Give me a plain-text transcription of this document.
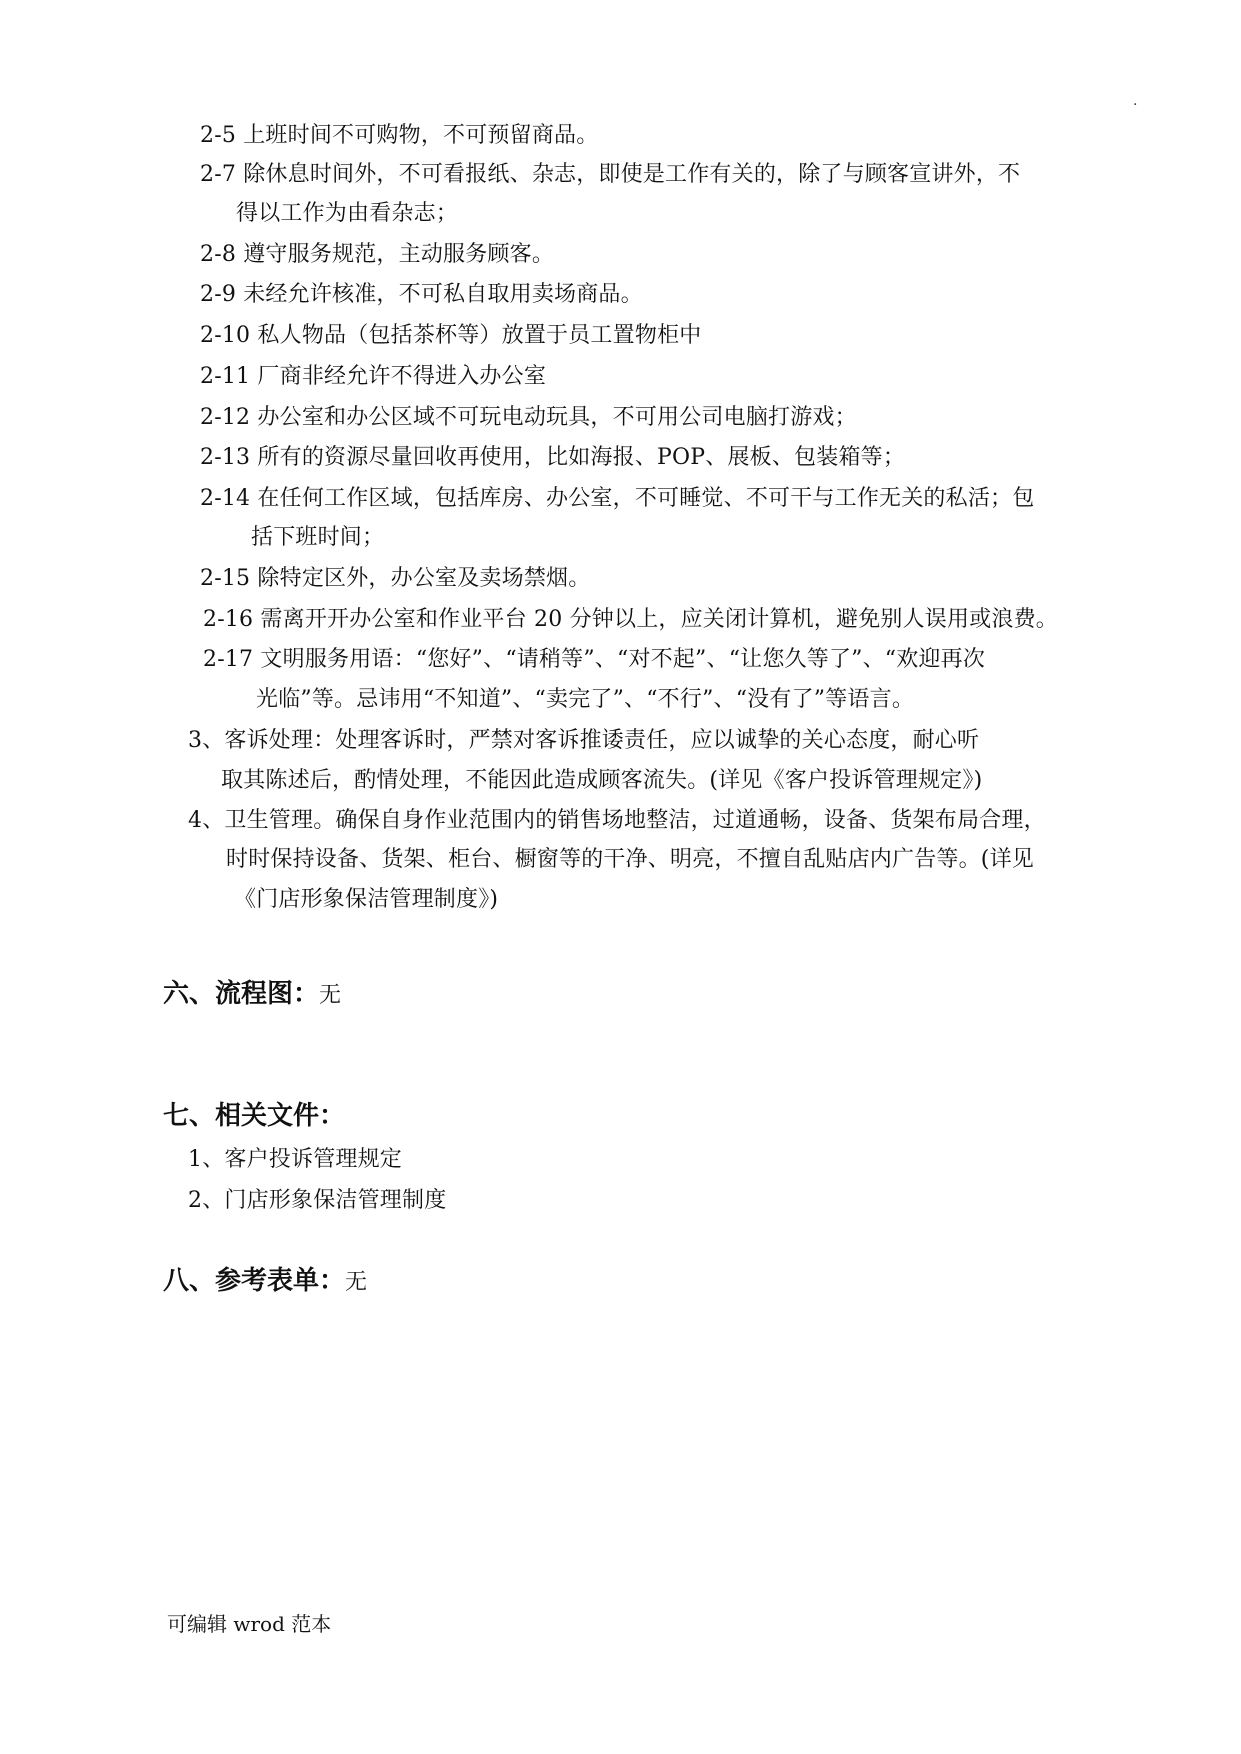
.
2-5 上班时间不可购物，不可预留商品。
2-7 除休息时间外，不可看报纸、杂志，即使是工作有关的，除了与顾客宣讲外，不
得以工作为由看杂志；
2-8 遵守服务规范，主动服务顾客。
2-9 未经允许核准，不可私自取用卖场商品。
2-10 私人物品（包括茶杯等）放置于员工置物柜中
2-11 厂商非经允许不得进入办公室
2-12 办公室和办公区域不可玩电动玩具，不可用公司电脑打游戏；
2-13 所有的资源尽量回收再使用，比如海报、POP、展板、包装箱等；
2-14 在任何工作区域，包括库房、办公室，不可睡觉、不可干与工作无关的私活；包
括下班时间；
2-15 除特定区外，办公室及卖场禁烟。
2-16 需离开开办公室和作业平台 20 分钟以上，应关闭计算机，避免别人误用或浪费。
2-17 文明服务用语：“您好”、“请稍等”、“对不起”、“让您久等了”、“欢迎再次
光临”等。忌讳用“不知道”、“卖完了”、“不行”、“没有了”等语言。
3、客诉处理：处理客诉时，严禁对客诉推诿责任，应以诚挚的关心态度，耐心听
取其陈述后，酌情处理，不能因此造成顾客流失。(详见《客户投诉管理规定》)
4、卫生管理。确保自身作业范围内的销售场地整洁，过道通畅，设备、货架布局合理，
时时保持设备、货架、柜台、橱窗等的干净、明亮，不擅自乱贴店内广告等。(详见
《门店形象保洁管理制度》)
六、流程图：无
七、相关文件：
1、客户投诉管理规定
2、门店形象保洁管理制度
八、参考表单：无
可编辑 wrod 范本
